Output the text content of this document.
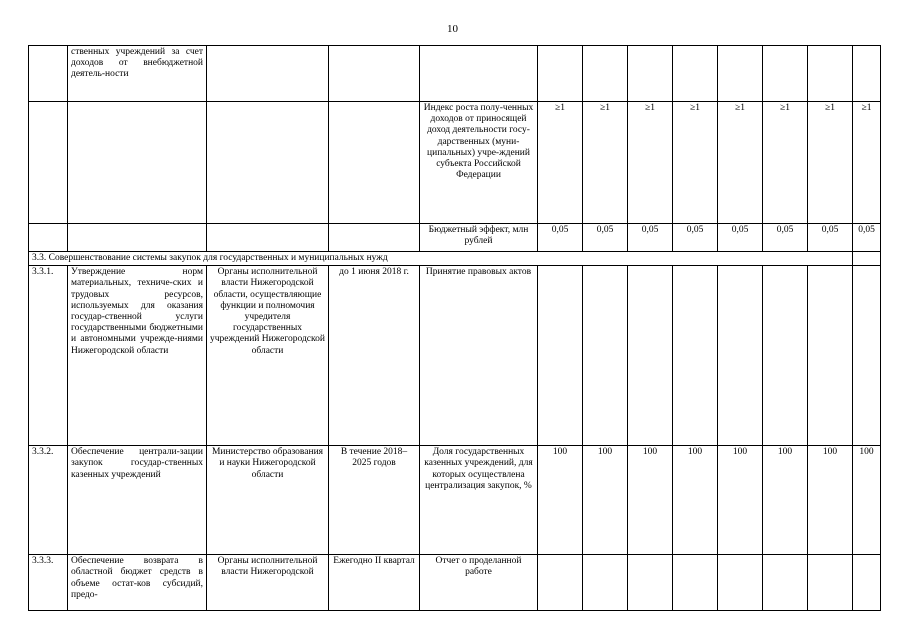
10
	ственных учреждений за счет доходов от внебюджетной деятель-ности											
				Индекс роста полу-ченных доходов от приносящей доход деятельности госу-дарственных (муни-ципальных) учре-ждений субъекта Российской Федерации	≥1	≥1	≥1	≥1	≥1	≥1	≥1	≥1
				Бюджетный эффект, млн рублей	0,05	0,05	0,05	0,05	0,05	0,05	0,05	0,05
3.3. Совершенствование системы закупок для государственных и муниципальных нужд												
3.3.1.	Утверждение норм материальных, техниче-ских и трудовых ресурсов, используемых для оказания государ-ственной услуги государственными бюджетными и автономными учрежде-ниями Нижегородской области	Органы исполнительной власти Нижегородской области, осуществляющие функции и полномочия учредителя государственных учреждений Нижегородской области	до 1 июня 2018 г.	Принятие правовых актов								
3.3.2.	Обеспечение централи-зации закупок государ-ственных казенных учреждений	Министерство образования и науки Нижегородской области	В течение 2018–2025 годов	Доля государственных казенных учреждений, для которых осуществлена централизация закупок, %	100	100	100	100	100	100	100	100
3.3.3.	Обеспечение возврата в областной бюджет средств в объеме остат-ков субсидий, предо-	Органы исполнительной власти Нижегородской	Ежегодно II квартал	Отчет о проделанной работе								
